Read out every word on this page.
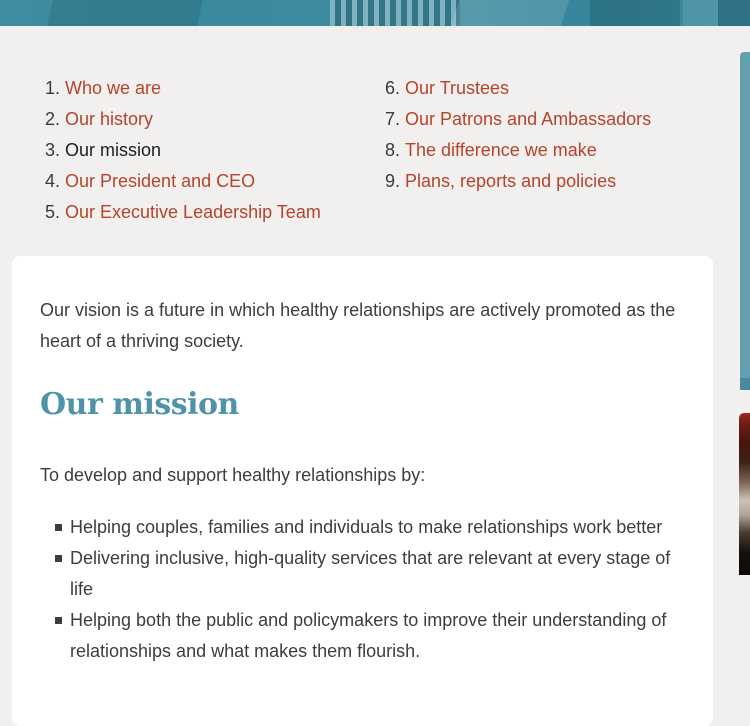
1. Who we are
2. Our history
3. Our mission
4. Our President and CEO
5. Our Executive Leadership Team
6. Our Trustees
7. Our Patrons and Ambassadors
8. The difference we make
9. Plans, reports and policies

Our vision is a future in which healthy relationships are actively promoted as the heart of a thriving society.

Our mission

To develop and support healthy relationships by:

Helping couples, families and individuals to make relationships work better
Delivering inclusive, high-quality services that are relevant at every stage of life
Helping both the public and policymakers to improve their understanding of relationships and what makes them flourish.
